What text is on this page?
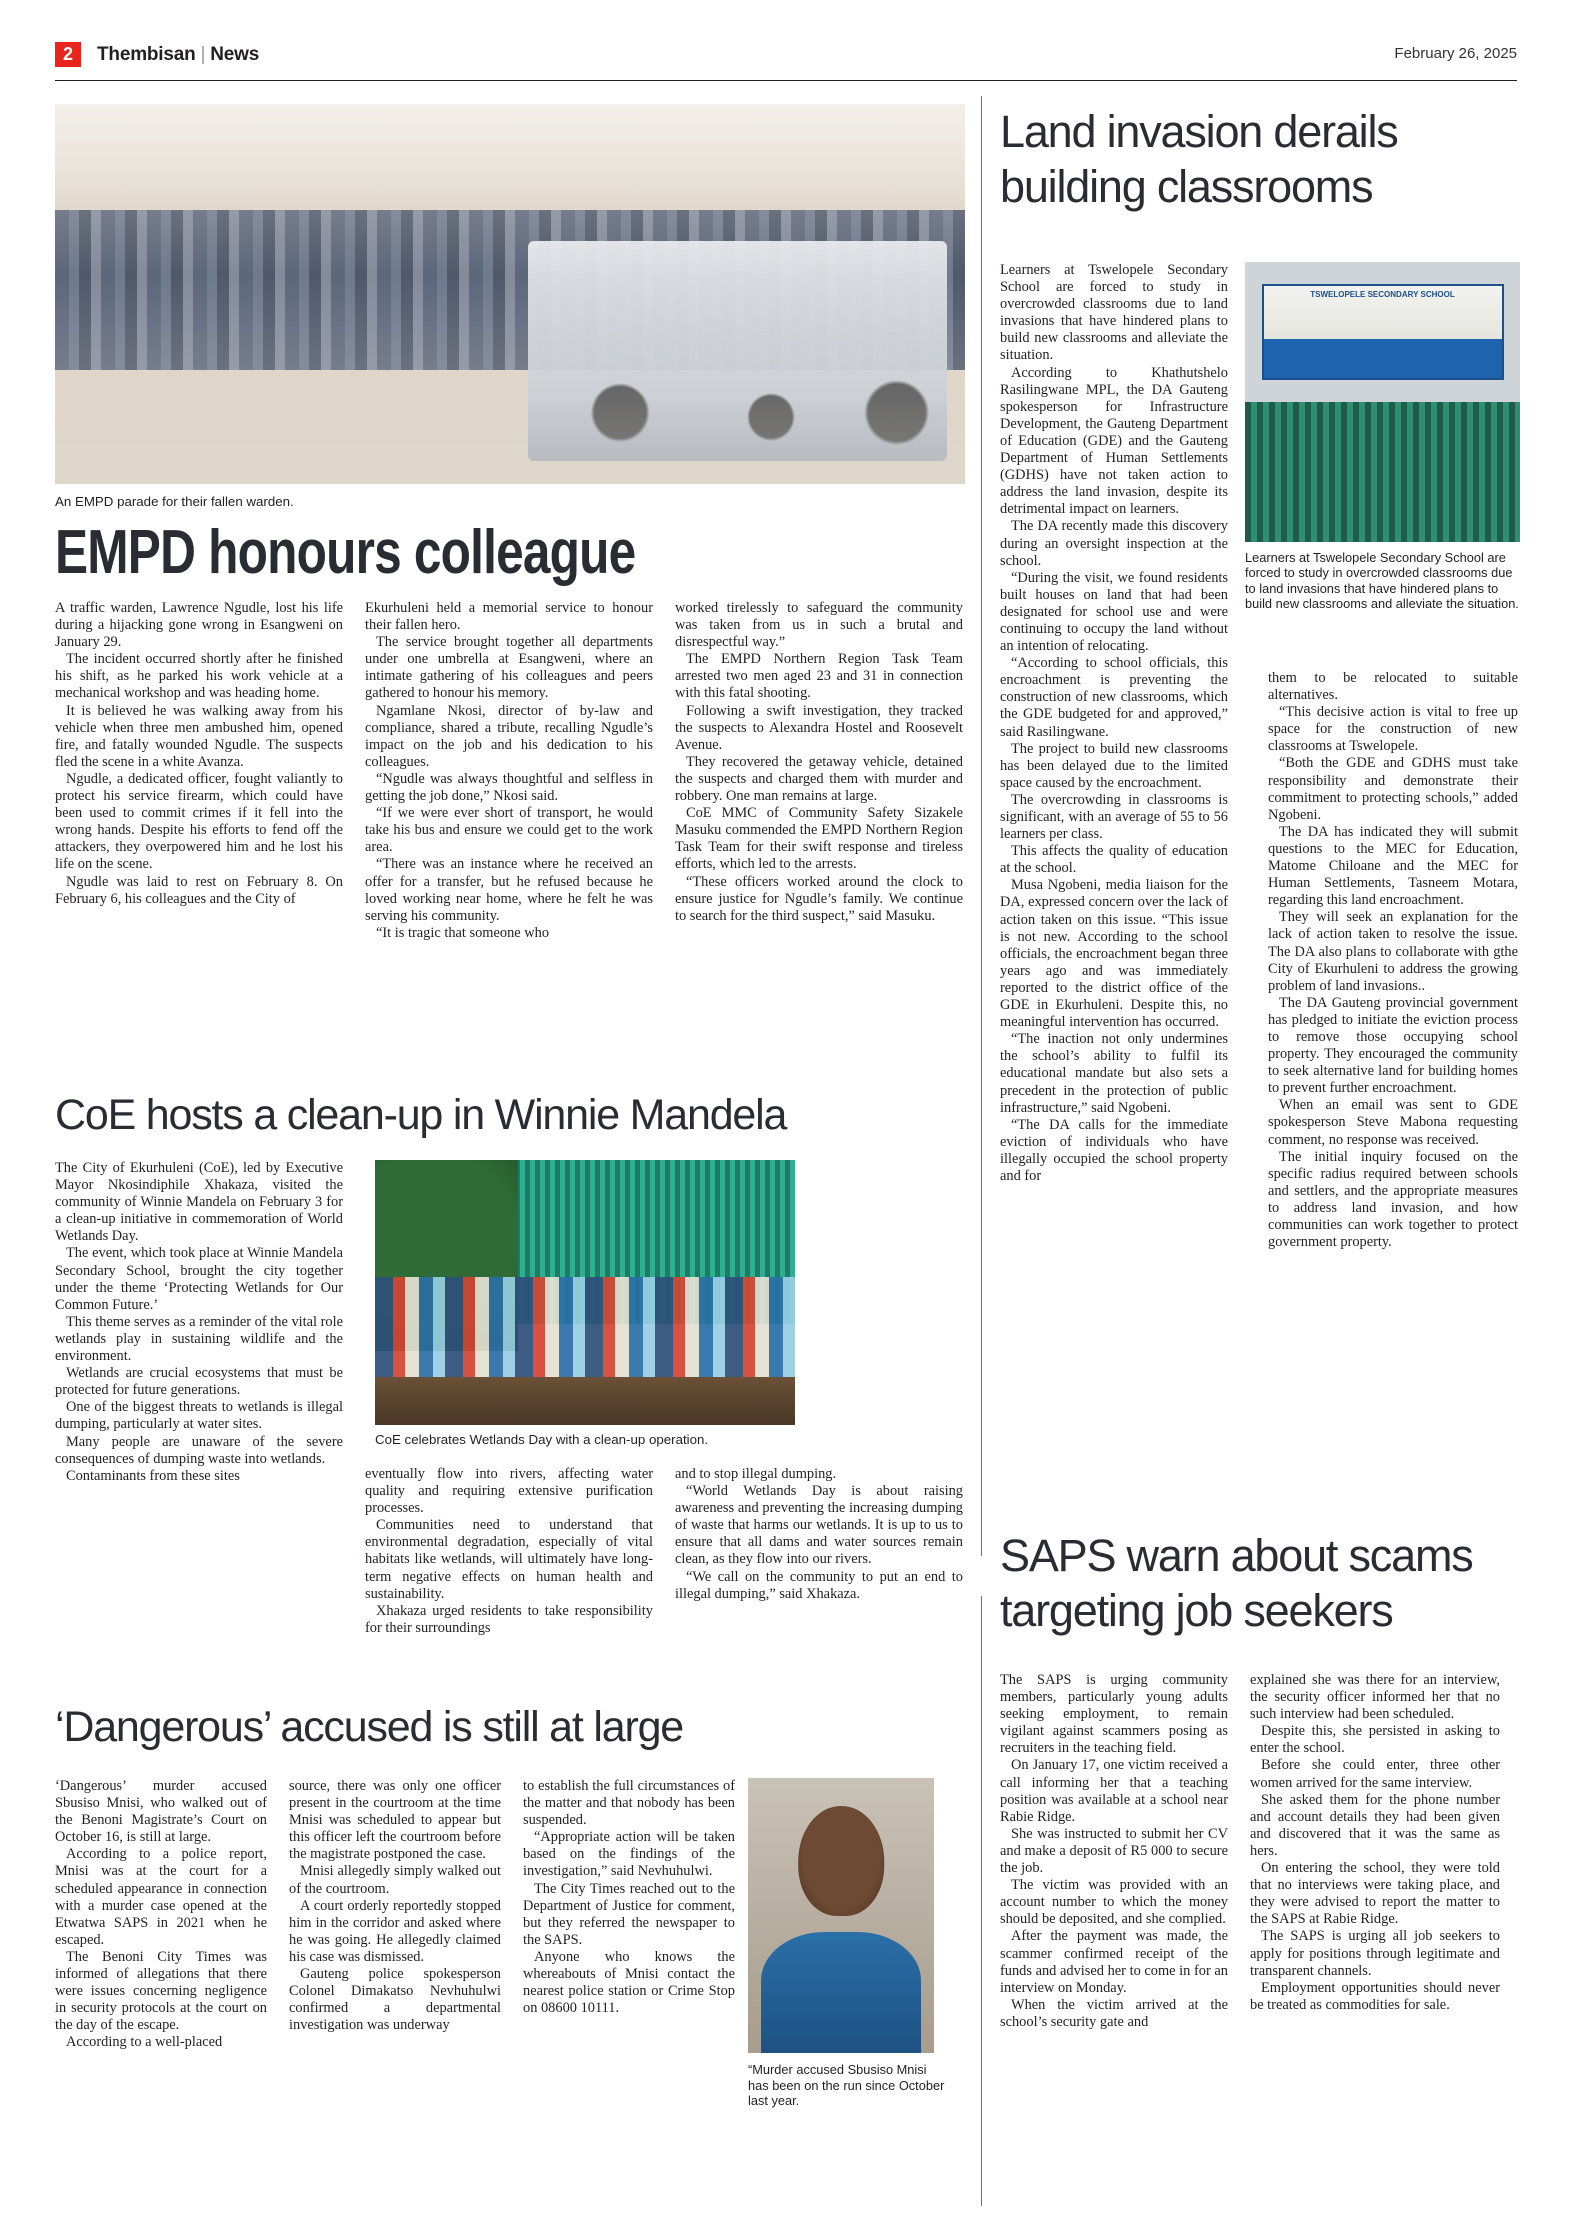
2 Thembisan | News	February 26, 2025
An EMPD parade for their fallen warden.
EMPD honours colleague

A traffic warden, Lawrence Ngudle, lost his life during a hijacking gone wrong in Esangweni on January 29.

The incident occurred shortly after he finished his shift, as he parked his work vehicle at a mechanical workshop and was heading home.

It is believed he was walking away from his vehicle when three men ambushed him, opened fire, and fatally wounded Ngudle. The suspects fled the scene in a white Avanza.

Ngudle, a dedicated officer, fought valiantly to protect his service firearm, which could have been used to commit crimes if it fell into the wrong hands. Despite his efforts to fend off the attackers, they overpowered him and he lost his life on the scene.

Ngudle was laid to rest on February 8. On February 6, his colleagues and the City of

Ekurhuleni held a memorial service to honour their fallen hero.

The service brought together all departments under one umbrella at Esangweni, where an intimate gathering of his colleagues and peers gathered to honour his memory.

Ngamlane Nkosi, director of by-law and compliance, shared a tribute, recalling Ngudle’s impact on the job and his dedication to his colleagues.

“Ngudle was always thoughtful and selfless in getting the job done,” Nkosi said.

“If we were ever short of transport, he would take his bus and ensure we could get to the work area.

“There was an instance where he received an offer for a transfer, but he refused because he loved working near home, where he felt he was serving his community.

“It is tragic that someone who

worked tirelessly to safeguard the community was taken from us in such a brutal and disrespectful way.”

The EMPD Northern Region Task Team arrested two men aged 23 and 31 in connection with this fatal shooting.

Following a swift investigation, they tracked the suspects to Alexandra Hostel and Roosevelt Avenue.

They recovered the getaway vehicle, detained the suspects and charged them with murder and robbery. One man remains at large.

CoE MMC of Community Safety Sizakele Masuku commended the EMPD Northern Region Task Team for their swift response and tireless efforts, which led to the arrests.

“These officers worked around the clock to ensure justice for Ngudle’s family. We continue to search for the third suspect,” said Masuku.

CoE hosts a clean-up in Winnie Mandela
CoE celebrates Wetlands Day with a clean-up operation.

The City of Ekurhuleni (CoE), led by Executive Mayor Nkosindiphile Xhakaza, visited the community of Winnie Mandela on February 3 for a clean-up initiative in commemoration of World Wetlands Day.

The event, which took place at Winnie Mandela Secondary School, brought the city together under the theme ‘Protecting Wetlands for Our Common Future.’

This theme serves as a reminder of the vital role wetlands play in sustaining wildlife and the environment.

Wetlands are crucial ecosystems that must be protected for future generations.

One of the biggest threats to wetlands is illegal dumping, particularly at water sites.

Many people are unaware of the severe consequences of dumping waste into wetlands.

Contaminants from these sites	eventually flow into rivers, affecting water quality and requiring extensive purification processes.

Communities need to understand that environmental degradation, especially of vital habitats like wetlands, will ultimately have long-term negative effects on human health and sustainability.

Xhakaza urged residents to take responsibility for their surroundings

and to stop illegal dumping.

“World Wetlands Day is about raising awareness and preventing the increasing dumping of waste that harms our wetlands. It is up to us to ensure that all dams and water sources remain clean, as they flow into our rivers.

“We call on the community to put an end to illegal dumping,” said Xhakaza.

‘Dangerous’ accused is still at large
“Murder accused Sbusiso Mnisi has been on the run since October last year.

‘Dangerous’ murder accused Sbusiso Mnisi, who walked out of the Benoni Magistrate’s Court on October 16, is still at large.

According to a police report, Mnisi was at the court for a scheduled appearance in connection with a murder case opened at the Etwatwa SAPS in 2021 when he escaped.

The Benoni City Times was informed of allegations that there were issues concerning negligence in security protocols at the court on the day of the escape.

According to a well-placed

source, there was only one officer present in the courtroom at the time Mnisi was scheduled to appear but this officer left the courtroom before the magistrate postponed the case.

Mnisi allegedly simply walked out of the courtroom.

A court orderly reportedly stopped him in the corridor and asked where he was going. He allegedly claimed his case was dismissed.

Gauteng police spokesperson Colonel Dimakatso Nevhuhulwi confirmed a departmental investigation was underway

to establish the full circumstances of the matter and that nobody has been suspended.

“Appropriate action will be taken based on the findings of the investigation,” said Nevhuhulwi.

The City Times reached out to the Department of Justice for comment, but they referred the newspaper to the SAPS.

Anyone who knows the whereabouts of Mnisi contact the nearest police station or Crime Stop on 08600 10111.

Land invasion derails building classrooms
TSWELOPELE SECONDARY SCHOOL
Learners at Tswelopele Secondary School are forced to study in overcrowded classrooms due to land invasions that have hindered plans to build new classrooms and alleviate the situation.

Learners at Tswelopele Secondary School are forced to study in overcrowded classrooms due to land invasions that have hindered plans to build new classrooms and alleviate the situation.

According to Khathutshelo Rasilingwane MPL, the DA Gauteng spokesperson for Infrastructure Development, the Gauteng Department of Education (GDE) and the Gauteng Department of Human Settlements (GDHS) have not taken action to address the land invasion, despite its detrimental impact on learners.

The DA recently made this discovery during an oversight inspection at the school.

“During the visit, we found residents built houses on land that had been designated for school use and were continuing to occupy the land without an intention of relocating.

“According to school officials, this encroachment is preventing the construction of new classrooms, which the GDE budgeted for and approved,” said Rasilingwane.

The project to build new classrooms has been delayed due to the limited space caused by the encroachment.

The overcrowding in classrooms is significant, with an average of 55 to 56 learners per class.

This affects the quality of education at the school.

Musa Ngobeni, media liaison for the DA, expressed concern over the lack of action taken on this issue. “This issue is not new. According to the school officials, the encroachment began three years ago and was immediately reported to the district office of the GDE in Ekurhuleni. Despite this, no meaningful intervention has occurred.

“The inaction not only undermines the school’s ability to fulfil its educational mandate but also sets a precedent in the protection of public infrastructure,” said Ngobeni.

“The DA calls for the immediate eviction of individuals who have illegally occupied the school property and for

them to be relocated to suitable alternatives.

“This decisive action is vital to free up space for the construction of new classrooms at Tswelopele.

“Both the GDE and GDHS must take responsibility and demonstrate their commitment to protecting schools,” added Ngobeni.

The DA has indicated they will submit questions to the MEC for Education, Matome Chiloane and the MEC for Human Settlements, Tasneem Motara, regarding this land encroachment.

They will seek an explanation for the lack of action taken to resolve the issue. The DA also plans to collaborate with gthe City of Ekurhuleni to address the growing problem of land invasions..

The DA Gauteng provincial government has pledged to initiate the eviction process to remove those occupying school property. They encouraged the community to seek alternative land for building homes to prevent further encroachment.

When an email was sent to GDE spokesperson Steve Mabona requesting comment, no response was received.

The initial inquiry focused on the specific radius required between schools and settlers, and the appropriate measures to address land invasion, and how communities can work together to protect government property.

SAPS warn about scams targeting job seekers

The SAPS is urging community members, particularly young adults seeking employment, to remain vigilant against scammers posing as recruiters in the teaching field.

On January 17, one victim received a call informing her that a teaching position was available at a school near Rabie Ridge.

She was instructed to submit her CV and make a deposit of R5 000 to secure the job.

The victim was provided with an account number to which the money should be deposited, and she complied.

After the payment was made, the scammer confirmed receipt of the funds and advised her to come in for an interview on Monday.

When the victim arrived at the school’s security gate and

explained she was there for an interview, the security officer informed her that no such interview had been scheduled.

Despite this, she persisted in asking to enter the school.

Before she could enter, three other women arrived for the same interview.

She asked them for the phone number and account details they had been given and discovered that it was the same as hers.

On entering the school, they were told that no interviews were taking place, and they were advised to report the matter to the SAPS at Rabie Ridge.

The SAPS is urging all job seekers to apply for positions through legitimate and transparent channels.

Employment opportunities should never be treated as commodities for sale.
